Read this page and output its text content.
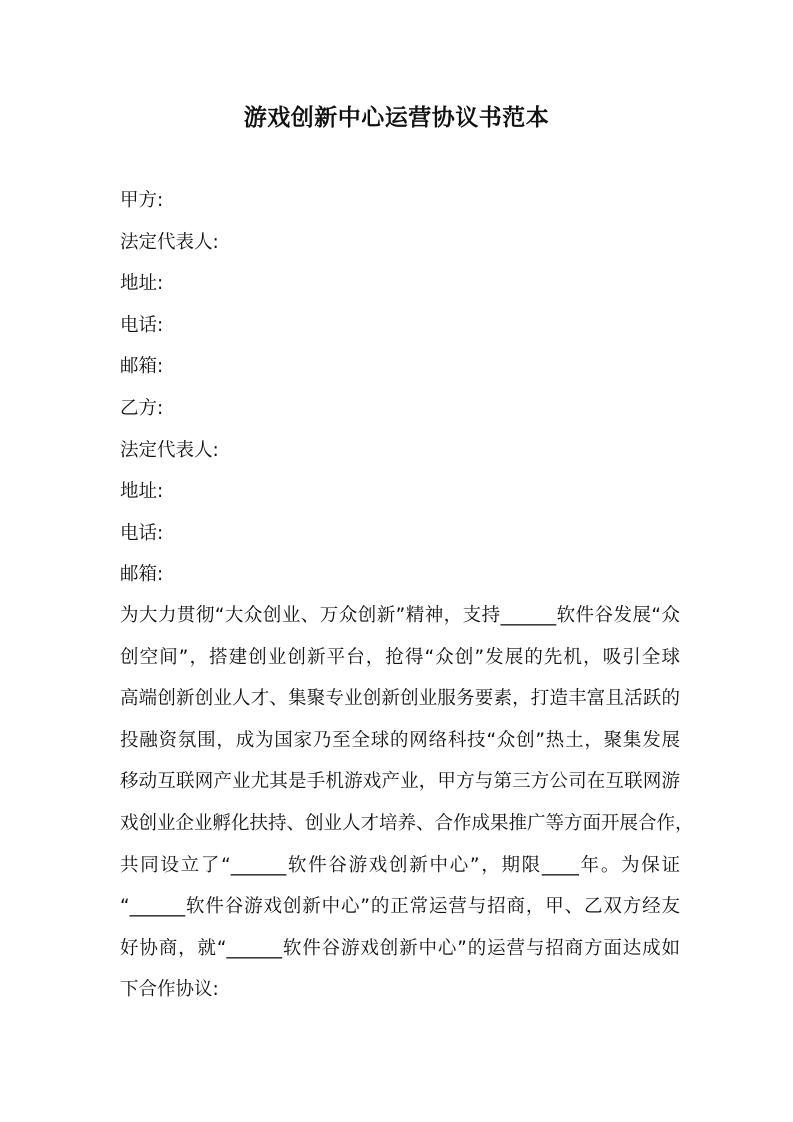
游戏创新中心运营协议书范本
甲方:
法定代表人:
地址:
电话:
邮箱:
乙方:
法定代表人:
地址:
电话:
邮箱:
为大力贯彻“大众创业、万众创新”精神，支持______软件谷发展“众
创空间”，搭建创业创新平台，抢得“众创”发展的先机，吸引全球
高端创新创业人才、集聚专业创新创业服务要素，打造丰富且活跃的
投融资氛围，成为国家乃至全球的网络科技“众创”热土，聚集发展
移动互联网产业尤其是手机游戏产业，甲方与第三方公司在互联网游
戏创业企业孵化扶持、创业人才培养、合作成果推广等方面开展合作，
共同设立了“______软件谷游戏创新中心”，期限____年。为保证
“______软件谷游戏创新中心”的正常运营与招商，甲、乙双方经友
好协商，就“______软件谷游戏创新中心”的运营与招商方面达成如
下合作协议:
